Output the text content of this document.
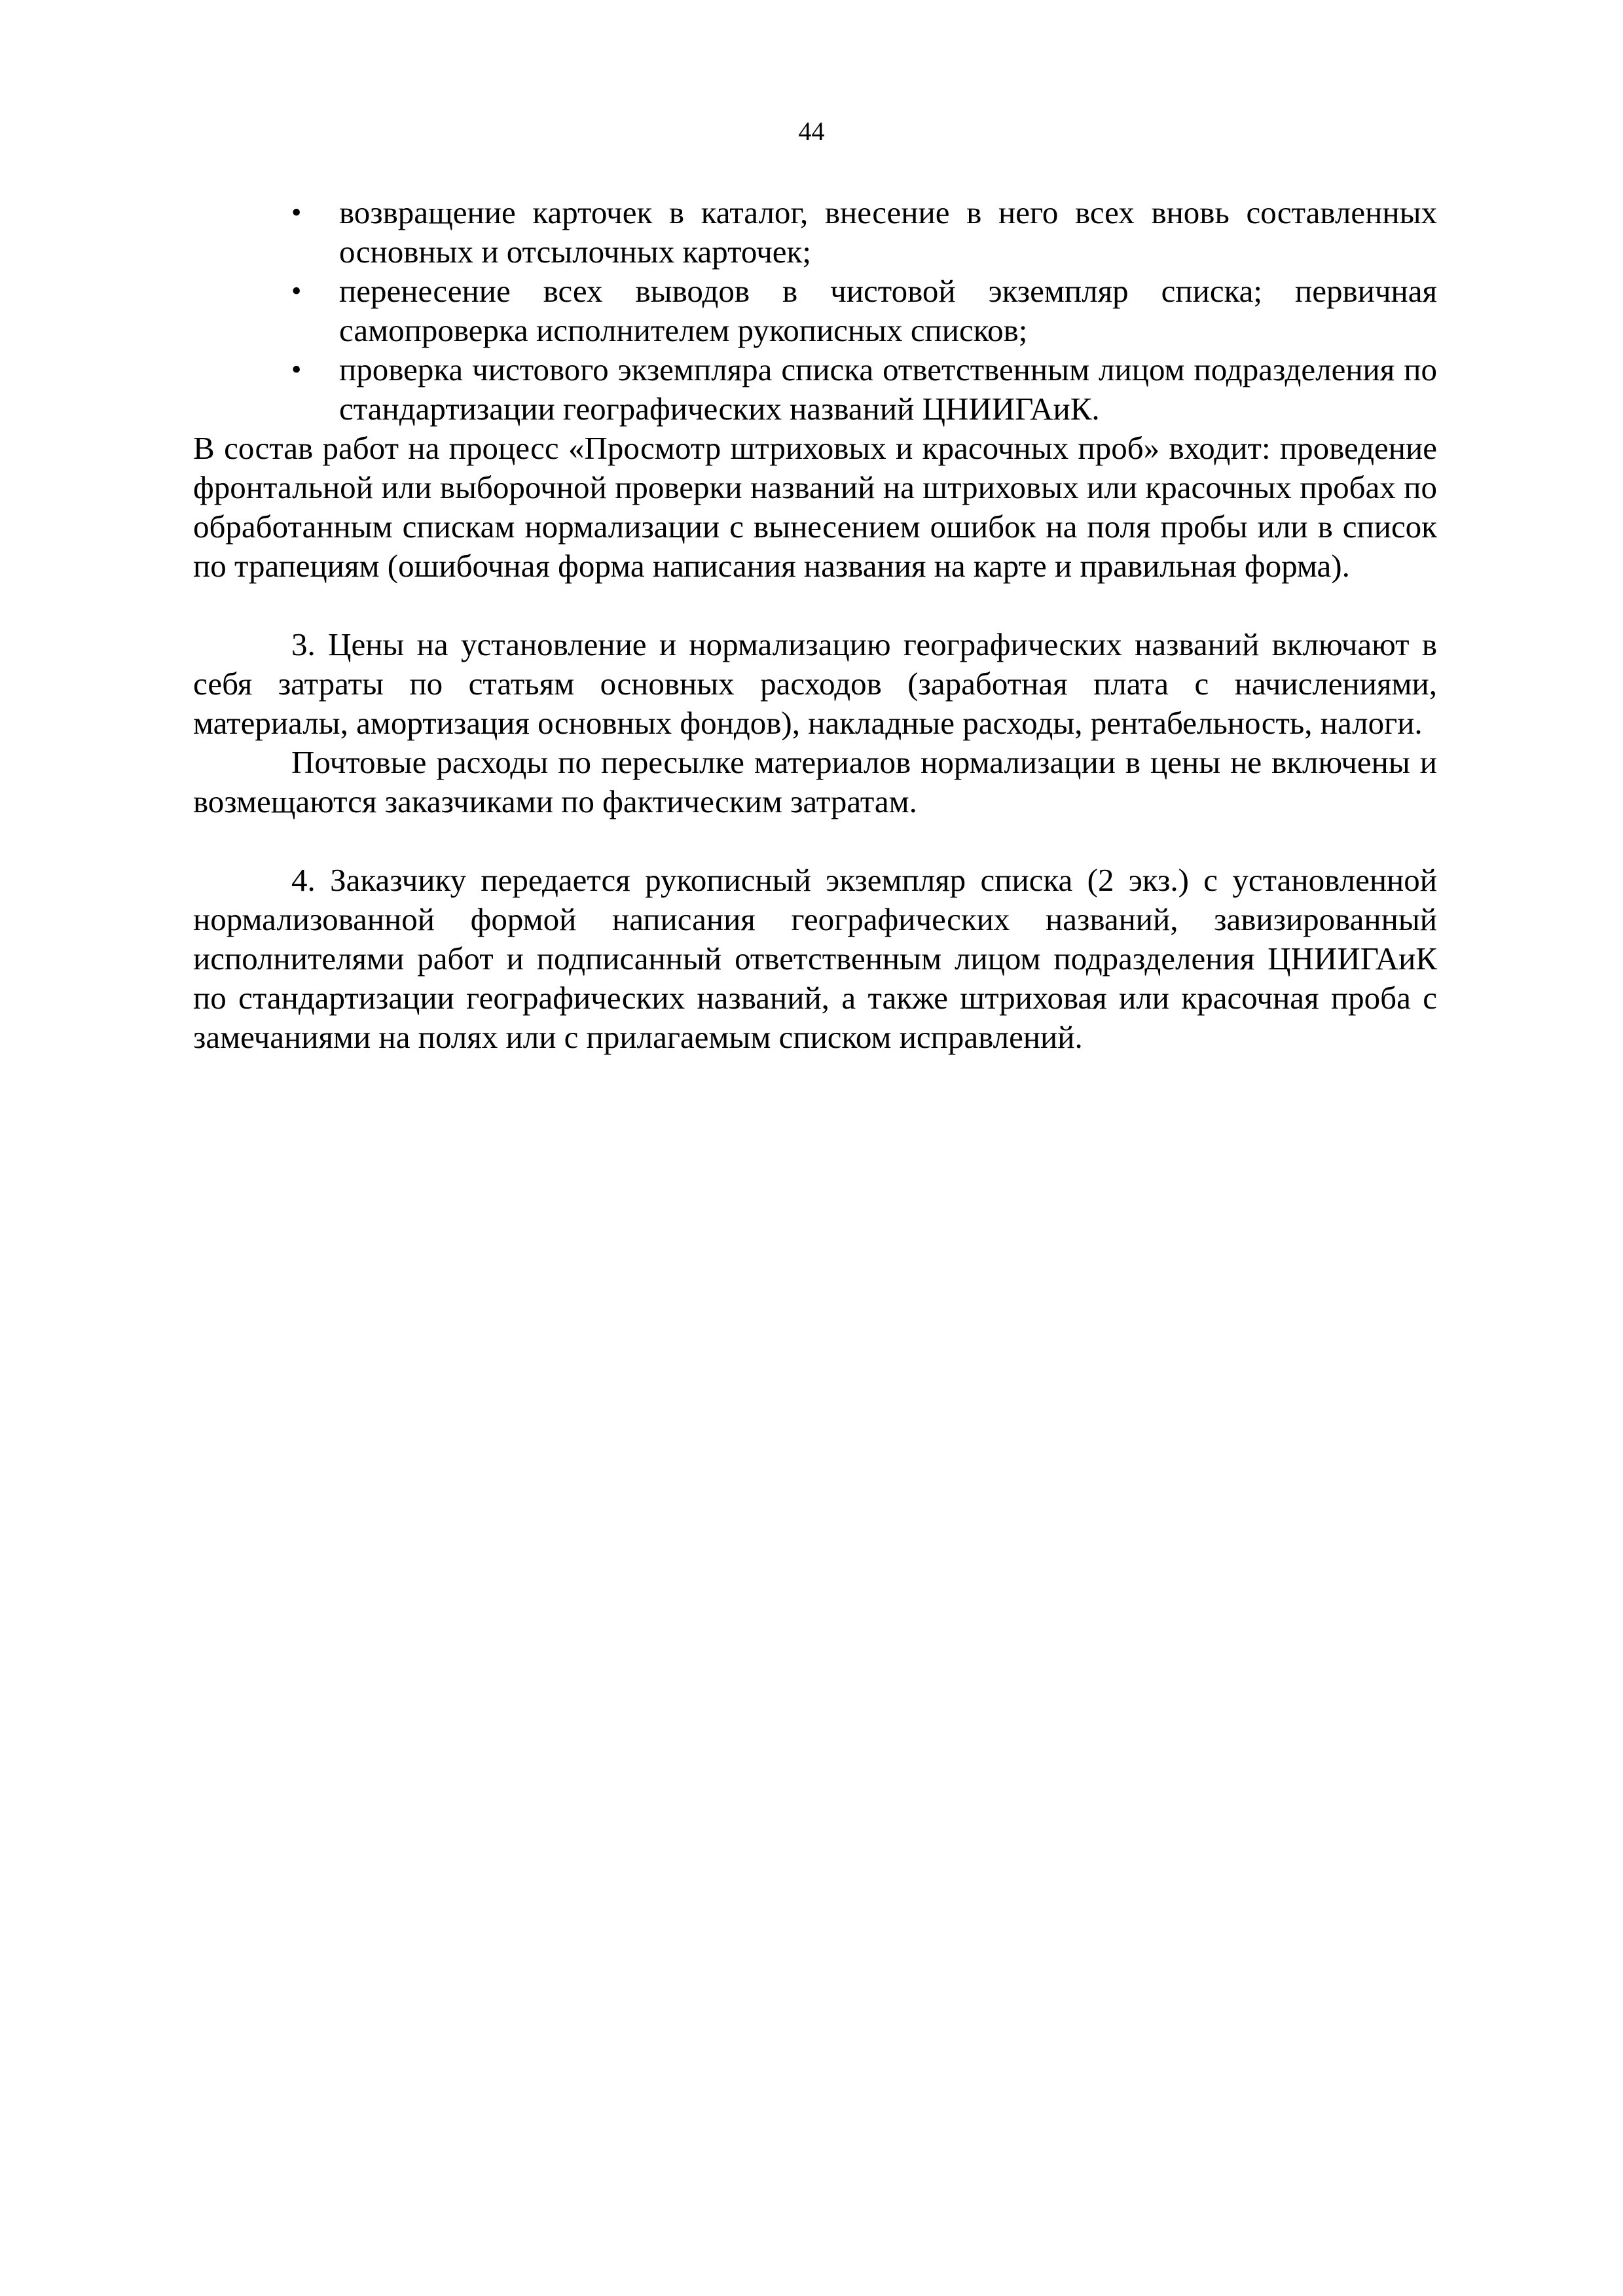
44
• возвращение карточек в каталог, внесение в него всех вновь составленных основных и отсылочных карточек;
• перенесение всех выводов в чистовой экземпляр списка; первичная самопроверка исполнителем рукописных списков;
• проверка чистового экземпляра списка ответственным лицом подразделения по стандартизации географических названий ЦНИИГАиК.

В состав работ на процесс «Просмотр штриховых и красочных проб» входит: проведение фронтальной или выборочной проверки названий на штриховых или красочных пробах по обработанным спискам нормализации с вынесением ошибок на поля пробы или в список по трапециям (ошибочная форма написания названия на карте и правильная форма).

3. Цены на установление и нормализацию географических названий включают в себя затраты по статьям основных расходов (заработная плата с начислениями, материалы, амортизация основных фондов), накладные расходы, рентабельность, налоги.

Почтовые расходы по пересылке материалов нормализации в цены не включены и возмещаются заказчиками по фактическим затратам.

4. Заказчику передается рукописный экземпляр списка (2 экз.) с установленной нормализованной формой написания географических названий, завизированный исполнителями работ и подписанный ответственным лицом подразделения ЦНИИГАиК по стандартизации географических названий, а также штриховая или красочная проба с замечаниями на полях или с прилагаемым списком исправлений.
